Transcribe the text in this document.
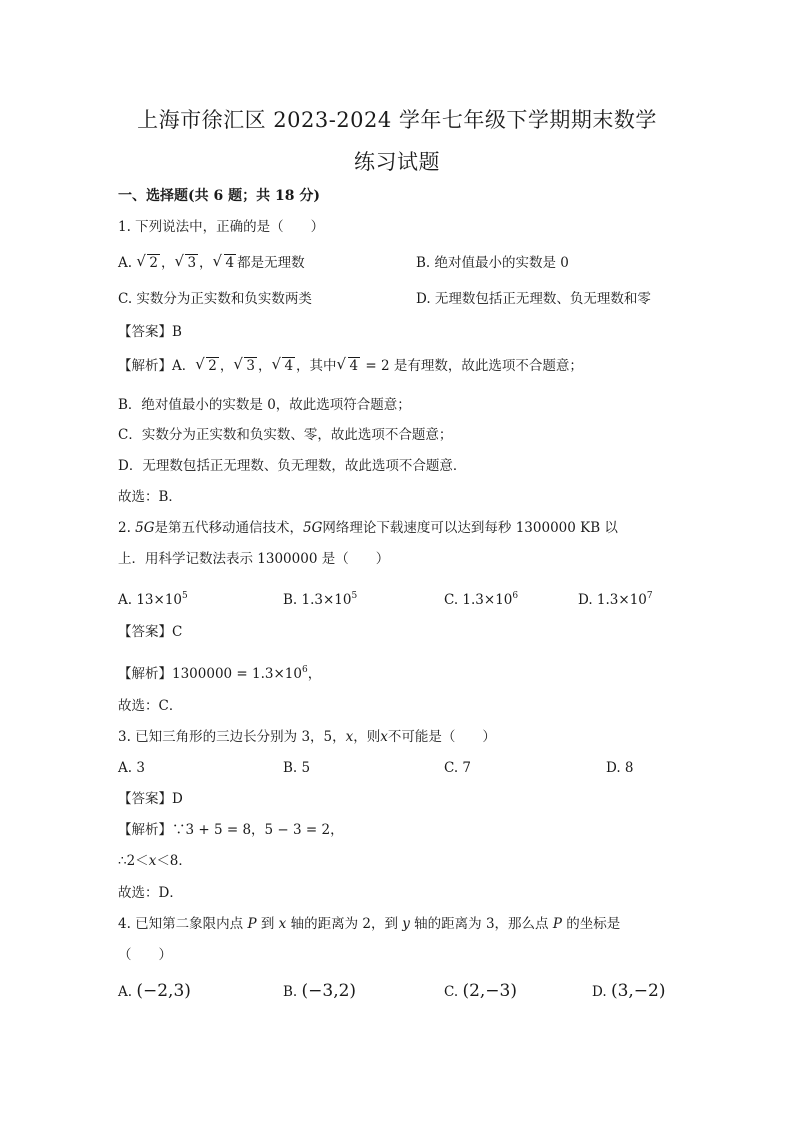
上海市徐汇区 2023-2024 学年七年级下学期期末数学
练习试题
一、选择题(共 6 题；共 18 分)
1. 下列说法中，正确的是（　　）
A. √ 2 ， √ 3 ， √ 4 都是无理数	B. 绝对值最小的实数是 0
C. 实数分为正实数和负实数两类	D. 无理数包括正无理数、负无理数和零
【答案】B
【解析】A． √ 2 ， √ 3 ， √ 4 ，其中 √ 4 = 2 是有理数，故此选项不合题意；
B．绝对值最小的实数是 0，故此选项符合题意；
C．实数分为正实数和负实数、零，故此选项不合题意；
D．无理数包括正无理数、负无理数，故此选项不合题意．
故选：B．
2. 5G是第五代移动通信技术，5G网络理论下载速度可以达到每秒 1300000 KB 以
上．用科学记数法表示 1300000 是（　　）
A. $13\times 10^5$	B. $1.3\times 10^5$	C. $1.3\times 10^6$	D. $1.3\times 10^7$
【答案】C
【解析】$1300000 = 1.3\times 10^6$，
故选：C．
3. 已知三角形的三边长分别为 3，5，x，则x不可能是（　　）
A. 3	B. 5	C. 7	D. 8
【答案】D
【解析】∵3 + 5 = 8，5 − 3 = 2，
∴2＜x＜8．
故选：D．
4. 已知第二象限内点 P 到 x 轴的距离为 2，到 y 轴的距离为 3，那么点 P 的坐标是
（　　）
A. (−2,3)	B. (−3,2)	C. (2,−3)	D. (3,−2)
